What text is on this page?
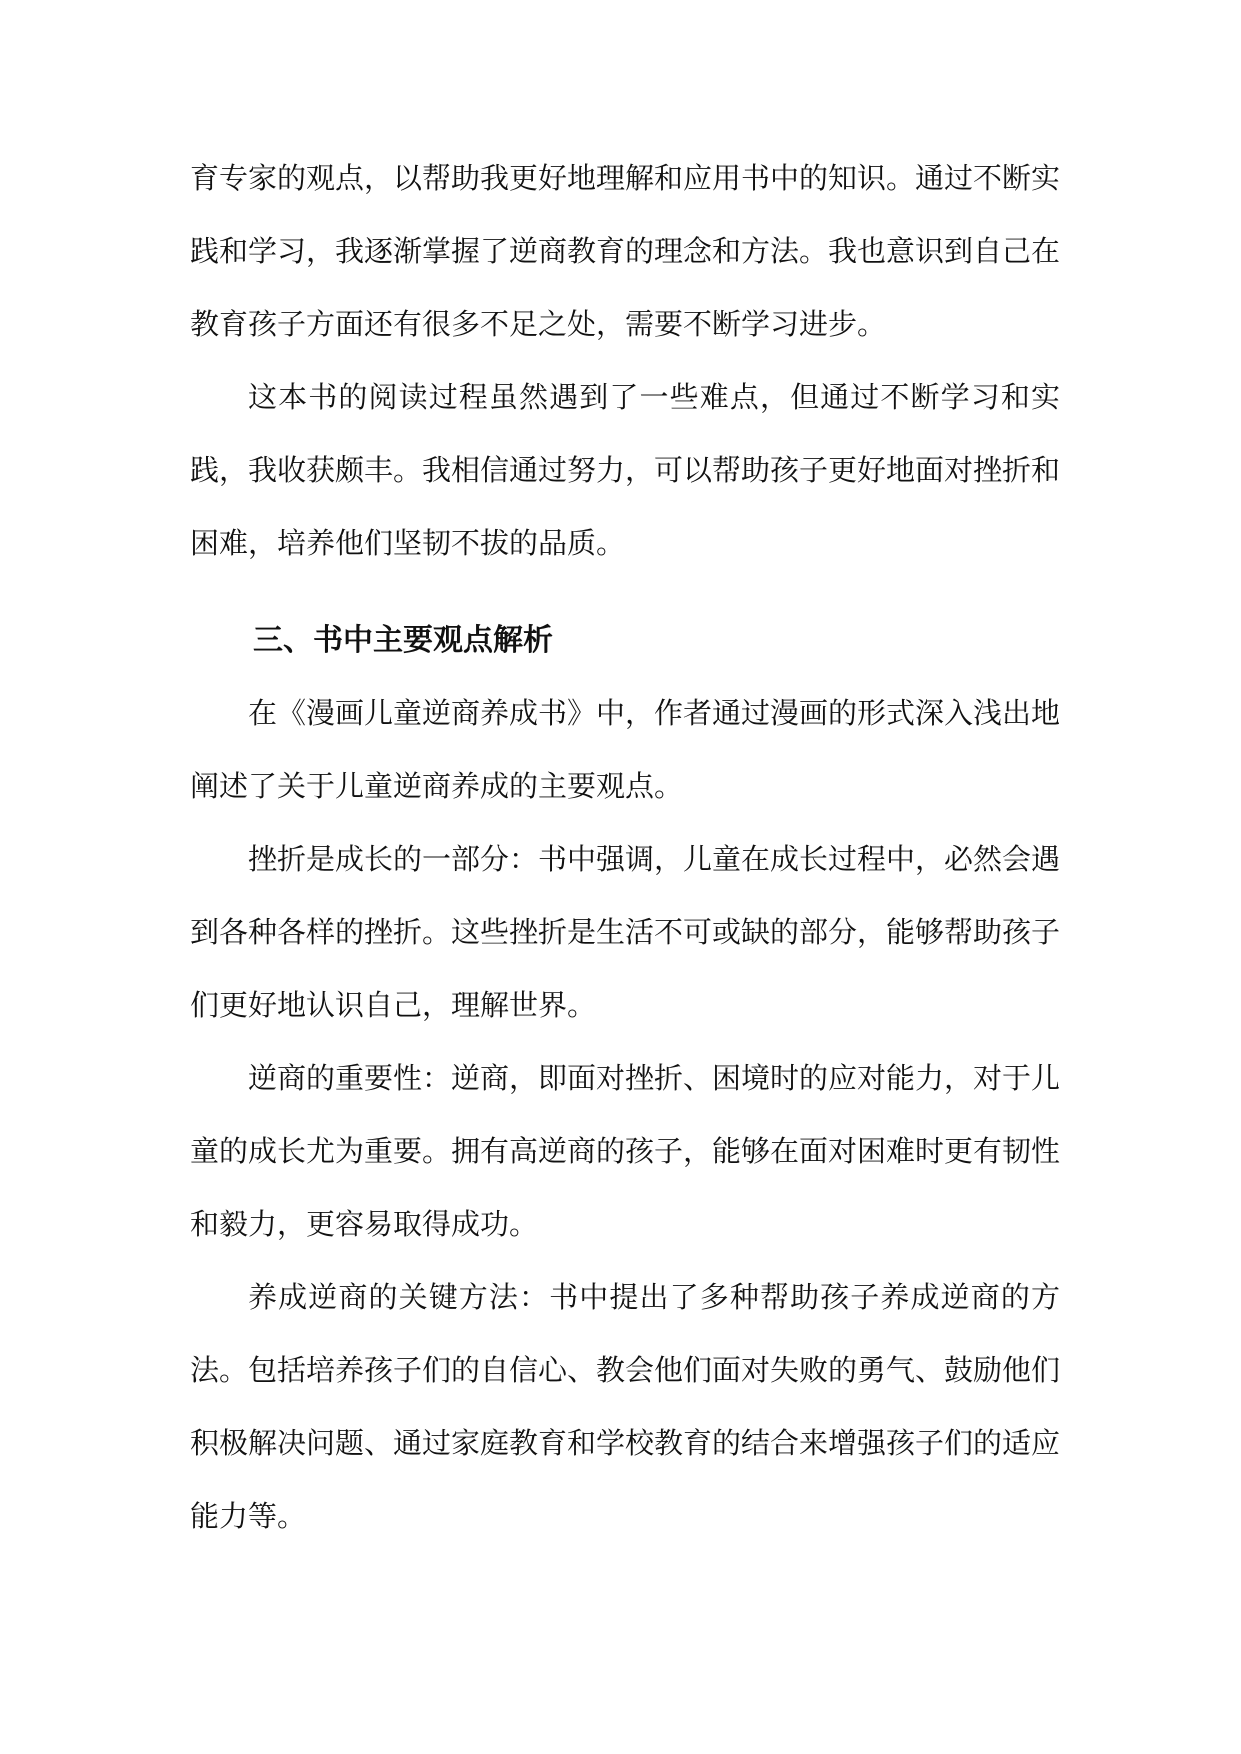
育专家的观点，以帮助我更好地理解和应用书中的知识。通过不断实践和学习，我逐渐掌握了逆商教育的理念和方法。我也意识到自己在教育孩子方面还有很多不足之处，需要不断学习进步。

这本书的阅读过程虽然遇到了一些难点，但通过不断学习和实践，我收获颇丰。我相信通过努力，可以帮助孩子更好地面对挫折和困难，培养他们坚韧不拔的品质。

三、书中主要观点解析

在《漫画儿童逆商养成书》中，作者通过漫画的形式深入浅出地阐述了关于儿童逆商养成的主要观点。

挫折是成长的一部分：书中强调，儿童在成长过程中，必然会遇到各种各样的挫折。这些挫折是生活不可或缺的部分，能够帮助孩子们更好地认识自己，理解世界。

逆商的重要性：逆商，即面对挫折、困境时的应对能力，对于儿童的成长尤为重要。拥有高逆商的孩子，能够在面对困难时更有韧性和毅力，更容易取得成功。

养成逆商的关键方法：书中提出了多种帮助孩子养成逆商的方法。包括培养孩子们的自信心、教会他们面对失败的勇气、鼓励他们积极解决问题、通过家庭教育和学校教育的结合来增强孩子们的适应能力等。
